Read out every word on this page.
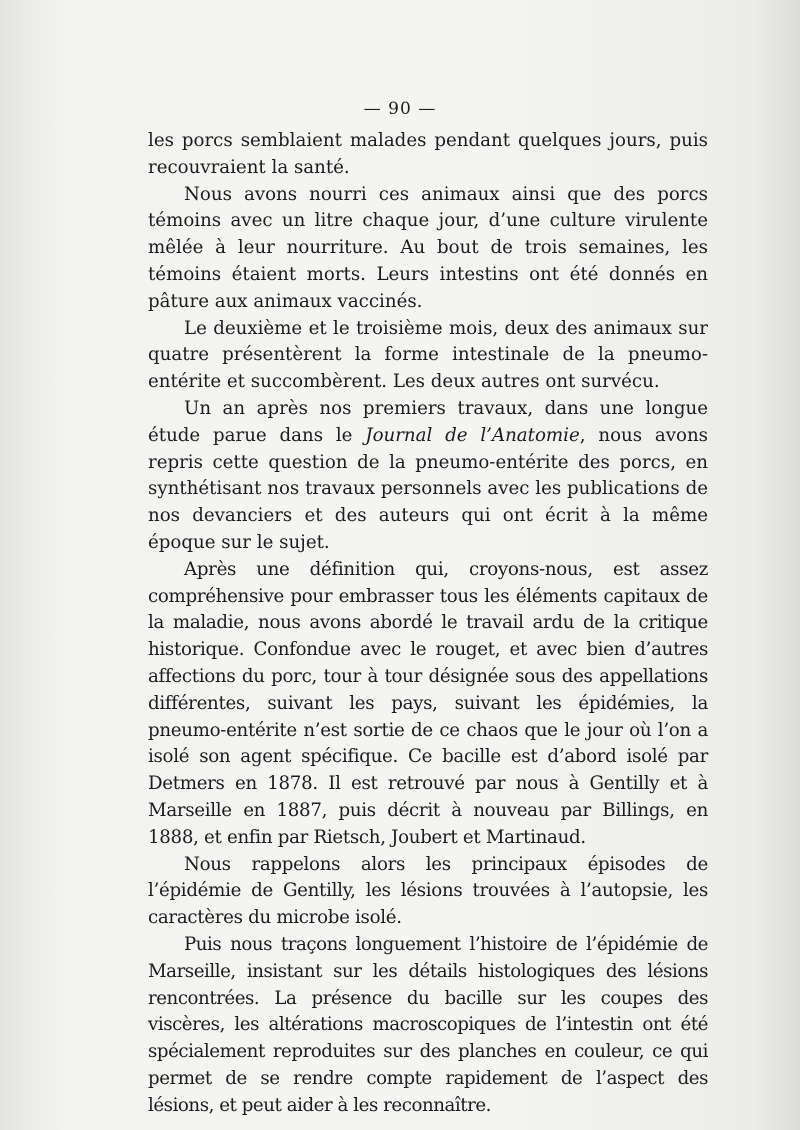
— 90 —

les porcs semblaient malades pendant quelques jours, puis recouvraient la santé.

Nous avons nourri ces animaux ainsi que des porcs témoins avec un litre chaque jour, d’une culture virulente mêlée à leur nourriture. Au bout de trois semaines, les témoins étaient morts. Leurs intestins ont été donnés en pâture aux animaux vaccinés.

Le deuxième et le troisième mois, deux des animaux sur quatre présentèrent la forme intestinale de la pneumo-entérite et succombèrent. Les deux autres ont survécu.

Un an après nos premiers travaux, dans une longue étude parue dans le Journal de l’Anatomie, nous avons repris cette question de la pneumo-entérite des porcs, en synthétisant nos travaux personnels avec les publications de nos devanciers et des auteurs qui ont écrit à la même époque sur le sujet.

Après une définition qui, croyons-nous, est assez compréhensive pour embrasser tous les éléments capitaux de la maladie, nous avons abordé le travail ardu de la critique historique. Confondue avec le rouget, et avec bien d’autres affections du porc, tour à tour désignée sous des appellations différentes, suivant les pays, suivant les épidémies, la pneumo-entérite n’est sortie de ce chaos que le jour où l’on a isolé son agent spécifique. Ce bacille est d’abord isolé par Detmers en 1878. Il est retrouvé par nous à Gentilly et à Marseille en 1887, puis décrit à nouveau par Billings, en 1888, et enfin par Rietsch, Joubert et Martinaud.

Nous rappelons alors les principaux épisodes de l’épidémie de Gentilly, les lésions trouvées à l’autopsie, les caractères du microbe isolé.

Puis nous traçons longuement l’histoire de l’épidémie de Marseille, insistant sur les détails histologiques des lésions rencontrées. La présence du bacille sur les coupes des viscères, les altérations macroscopiques de l’intestin ont été spécialement reproduites sur des planches en couleur, ce qui permet de se rendre compte rapidement de l’aspect des lésions, et peut aider à les reconnaître.
